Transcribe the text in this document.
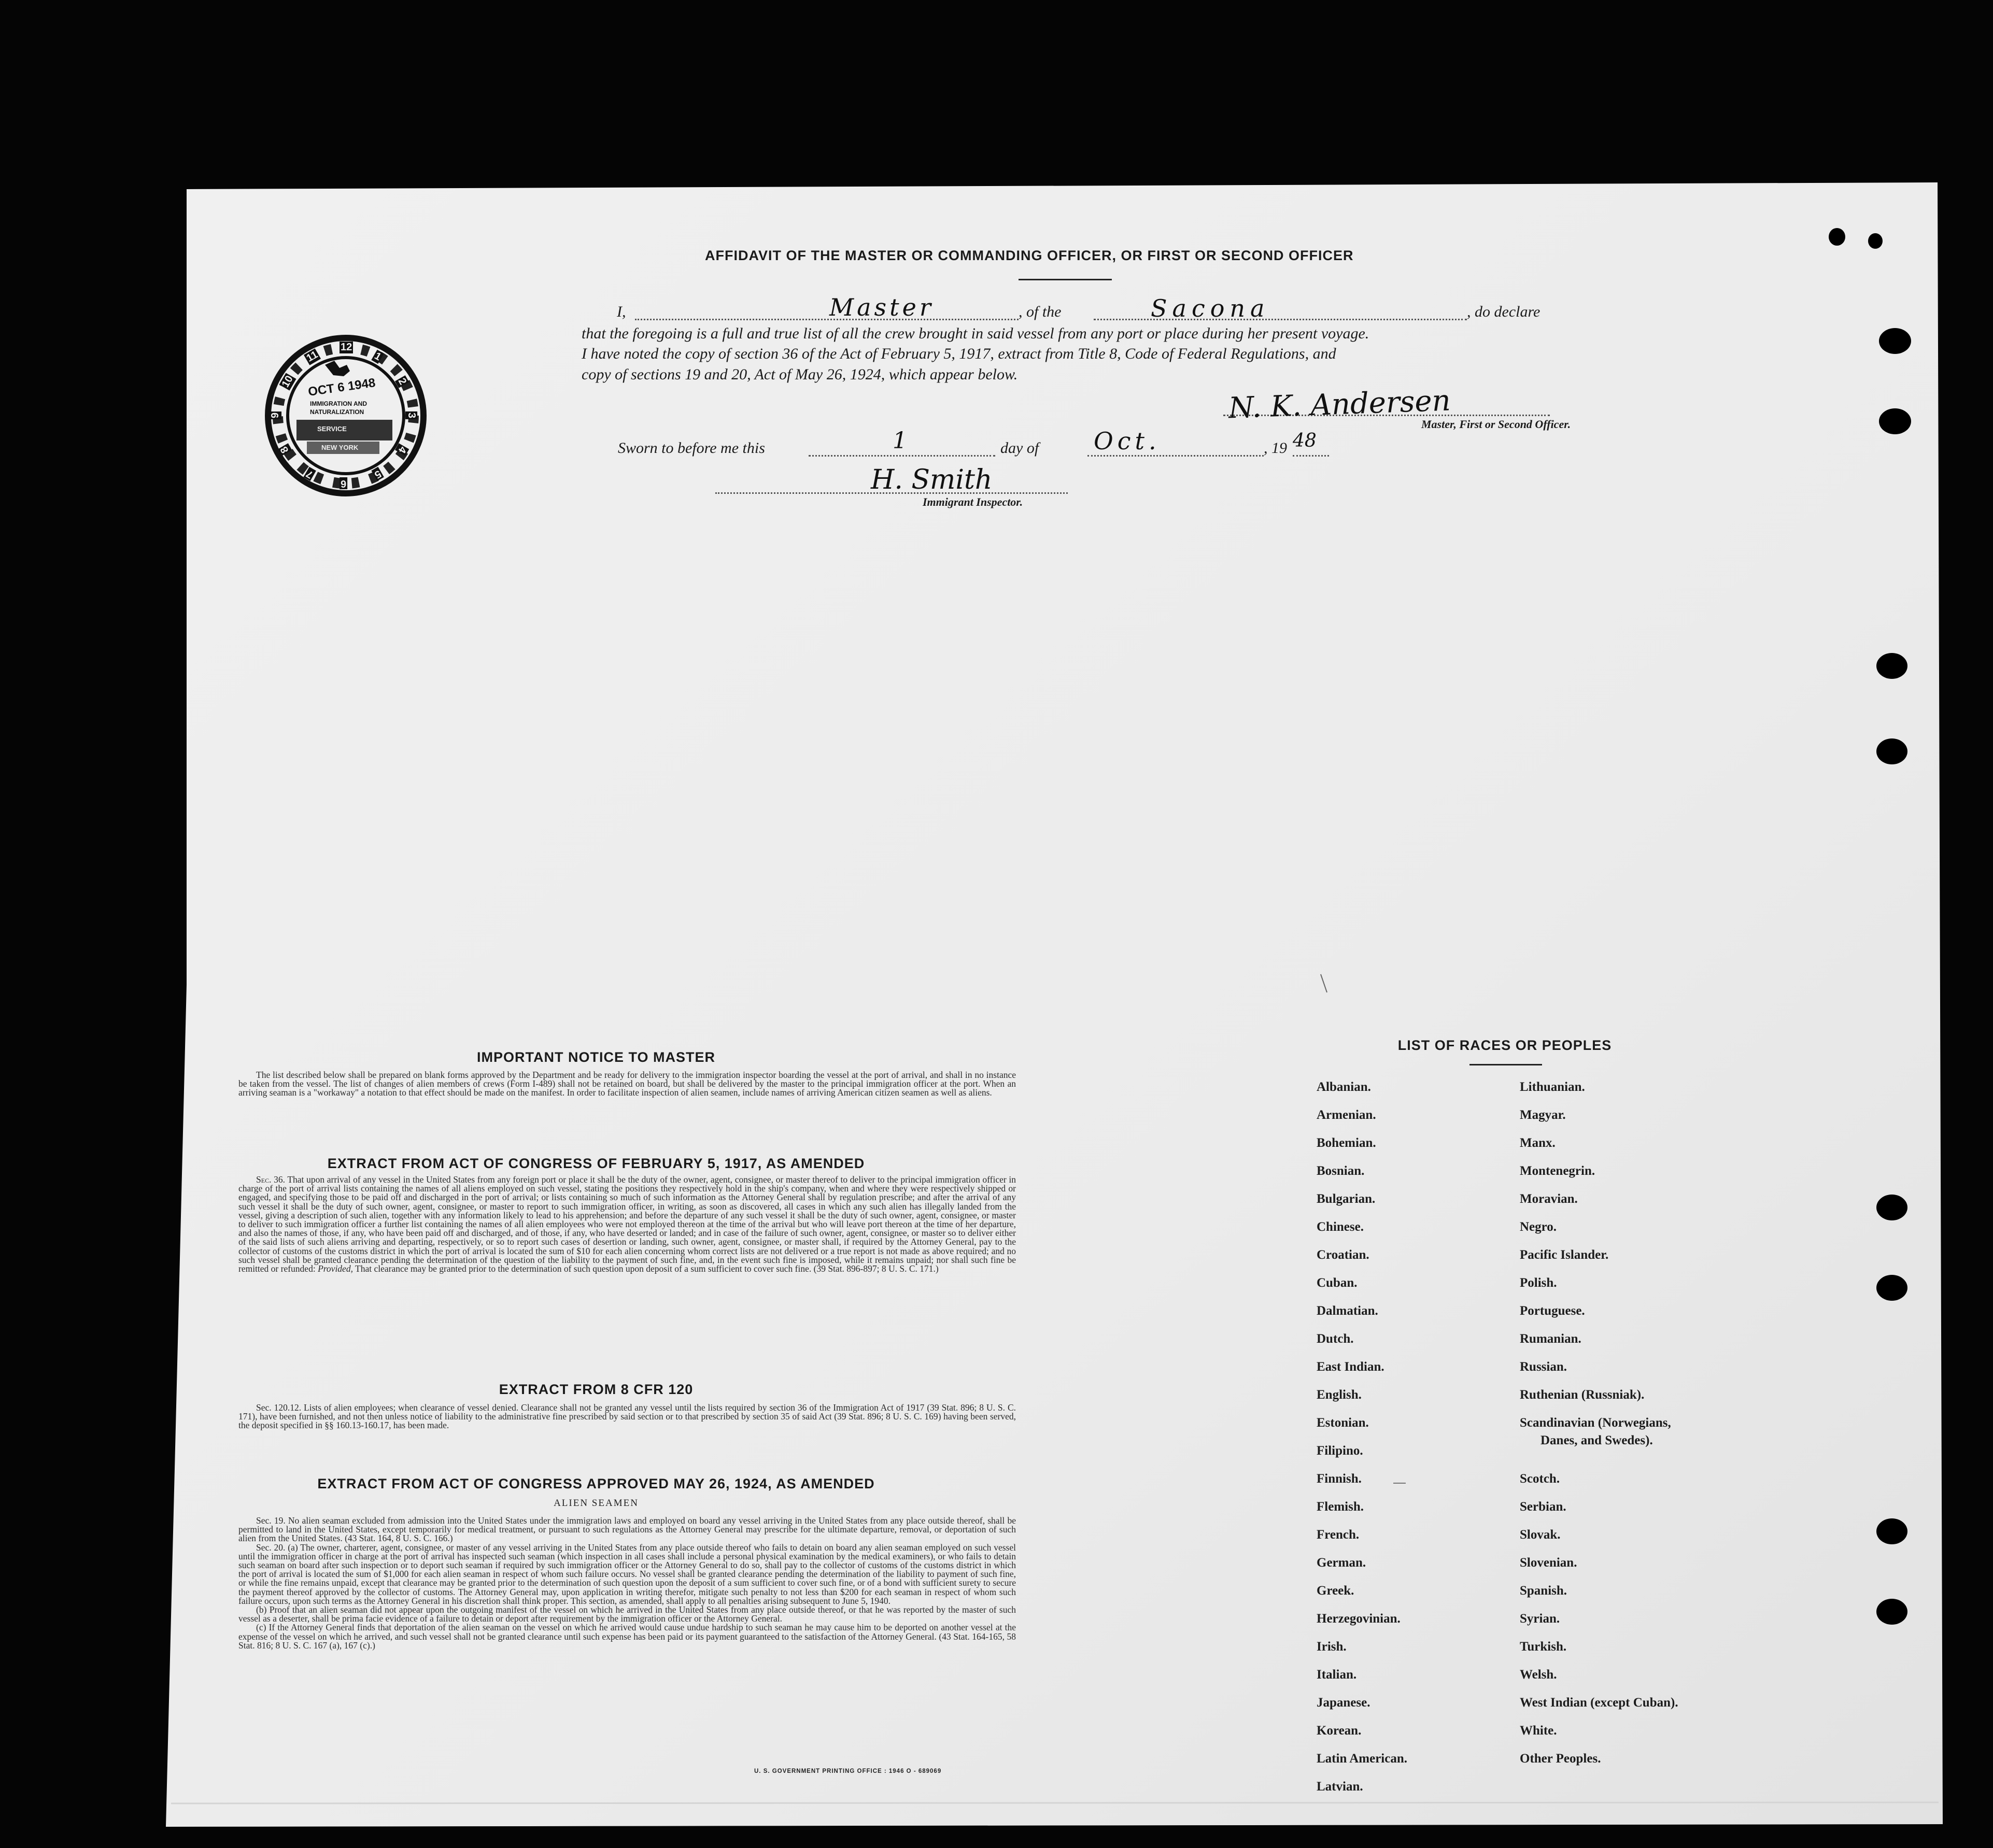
AFFIDAVIT OF THE MASTER OR COMMANDING OFFICER, OR FIRST OR SECOND OFFICER
I,	Master	, of the	Sacona	, do declare
that the foregoing is a full and true list of all the crew brought in said vessel from any port or place during her present voyage.
I have noted the copy of section 36 of the Act of February 5, 1917, extract from Title 8, Code of Federal Regulations, and
copy of sections 19 and 20, Act of May 26, 1924, which appear below.
N. K. Andersen
Master, First or Second Officer.
Sworn to before me this	1	day of Oct.	, 19 48
H. Smith
Immigrant Inspector.
OCT 6 1948
IMMIGRATION AND
NATURALIZATION
SERVICE
NEW YORK
10
11
12
1
2
3
4
5
6
7
8
9
IMPORTANT NOTICE TO MASTER

The list described below shall be prepared on blank forms approved by the Department and be ready for delivery to the immigration inspector boarding the vessel at the port of arrival, and shall in no instance be taken from the vessel. The list of changes of alien members of crews (Form I-489) shall not be retained on board, but shall be delivered by the master to the principal immigration officer at the port. When an arriving seaman is a "workaway" a notation to that effect should be made on the manifest. In order to facilitate inspection of alien seamen, include names of arriving American citizen seamen as well as aliens.

EXTRACT FROM ACT OF CONGRESS OF FEBRUARY 5, 1917, AS AMENDED

Sec. 36. That upon arrival of any vessel in the United States from any foreign port or place it shall be the duty of the owner, agent, consignee, or master thereof to deliver to the principal immigration officer in charge of the port of arrival lists containing the names of all aliens employed on such vessel, stating the positions they respectively hold in the ship's company, when and where they were respectively shipped or engaged, and specifying those to be paid off and discharged in the port of arrival; or lists containing so much of such information as the Attorney General shall by regulation prescribe; and after the arrival of any such vessel it shall be the duty of such owner, agent, consignee, or master to report to such immigration officer, in writing, as soon as discovered, all cases in which any such alien has illegally landed from the vessel, giving a description of such alien, together with any information likely to lead to his apprehension; and before the departure of any such vessel it shall be the duty of such owner, agent, consignee, or master to deliver to such immigration officer a further list containing the names of all alien employees who were not employed thereon at the time of the arrival but who will leave port thereon at the time of her departure, and also the names of those, if any, who have been paid off and discharged, and of those, if any, who have deserted or landed; and in case of the failure of such owner, agent, consignee, or master so to deliver either of the said lists of such aliens arriving and departing, respectively, or so to report such cases of desertion or landing, such owner, agent, consignee, or master shall, if required by the Attorney General, pay to the collector of customs of the customs district in which the port of arrival is located the sum of $10 for each alien concerning whom correct lists are not delivered or a true report is not made as above required; and no such vessel shall be granted clearance pending the determination of the question of the liability to the payment of such fine, and, in the event such fine is imposed, while it remains unpaid; nor shall such fine be remitted or refunded: Provided, That clearance may be granted prior to the determination of such question upon deposit of a sum sufficient to cover such fine. (39 Stat. 896-897; 8 U. S. C. 171.)

EXTRACT FROM 8 CFR 120

Sec. 120.12. Lists of alien employees; when clearance of vessel denied. Clearance shall not be granted any vessel until the lists required by section 36 of the Immigration Act of 1917 (39 Stat. 896; 8 U. S. C. 171), have been furnished, and not then unless notice of liability to the administrative fine prescribed by said section or to that prescribed by section 35 of said Act (39 Stat. 896; 8 U. S. C. 169) having been served, the deposit specified in §§ 160.13-160.17, has been made.

EXTRACT FROM ACT OF CONGRESS APPROVED MAY 26, 1924, AS AMENDED
ALIEN SEAMEN

Sec. 19. No alien seaman excluded from admission into the United States under the immigration laws and employed on board any vessel arriving in the United States from any place outside thereof, shall be permitted to land in the United States, except temporarily for medical treatment, or pursuant to such regulations as the Attorney General may prescribe for the ultimate departure, removal, or deportation of such alien from the United States. (43 Stat. 164, 8 U. S. C. 166.)

Sec. 20. (a) The owner, charterer, agent, consignee, or master of any vessel arriving in the United States from any place outside thereof who fails to detain on board any alien seaman employed on such vessel until the immigration officer in charge at the port of arrival has inspected such seaman (which inspection in all cases shall include a personal physical examination by the medical examiners), or who fails to detain such seaman on board after such inspection or to deport such seaman if required by such immigration officer or the Attorney General to do so, shall pay to the collector of customs of the customs district in which the port of arrival is located the sum of $1,000 for each alien seaman in respect of whom such failure occurs. No vessel shall be granted clearance pending the determination of the liability to payment of such fine, or while the fine remains unpaid, except that clearance may be granted prior to the determination of such question upon the deposit of a sum sufficient to cover such fine, or of a bond with sufficient surety to secure the payment thereof approved by the collector of customs. The Attorney General may, upon application in writing therefor, mitigate such penalty to not less than $200 for each seaman in respect of whom such failure occurs, upon such terms as the Attorney General in his discretion shall think proper. This section, as amended, shall apply to all penalties arising subsequent to June 5, 1940.

(b) Proof that an alien seaman did not appear upon the outgoing manifest of the vessel on which he arrived in the United States from any place outside thereof, or that he was reported by the master of such vessel as a deserter, shall be prima facie evidence of a failure to detain or deport after requirement by the immigration officer or the Attorney General.

(c) If the Attorney General finds that deportation of the alien seaman on the vessel on which he arrived would cause undue hardship to such seaman he may cause him to be deported on another vessel at the expense of the vessel on which he arrived, and such vessel shall not be granted clearance until such expense has been paid or its payment guaranteed to the satisfaction of the Attorney General. (43 Stat. 164-165, 58 Stat. 816; 8 U. S. C. 167 (a), 167 (c).)

U. S. GOVERNMENT PRINTING OFFICE : 1946 O - 689069
LIST OF RACES OR PEOPLES
Albanian.
Armenian.
Bohemian.
Bosnian.
Bulgarian.
Chinese.
Croatian.
Cuban.
Dalmatian.
Dutch.
East Indian.
English.
Estonian.
Filipino.
Finnish.
Flemish.
French.
German.
Greek.
Herzegovinian.
Irish.
Italian.
Japanese.
Korean.
Latin American.
Latvian.
Lithuanian.
Magyar.
Manx.
Montenegrin.
Moravian.
Negro.
Pacific Islander.
Polish.
Portuguese.
Rumanian.
Russian.
Ruthenian (Russniak).
Scandinavian (Norwegians,
Danes, and Swedes).
Scotch.
Serbian.
Slovak.
Slovenian.
Spanish.
Syrian.
Turkish.
Welsh.
West Indian (except Cuban).
White.
Other Peoples.
